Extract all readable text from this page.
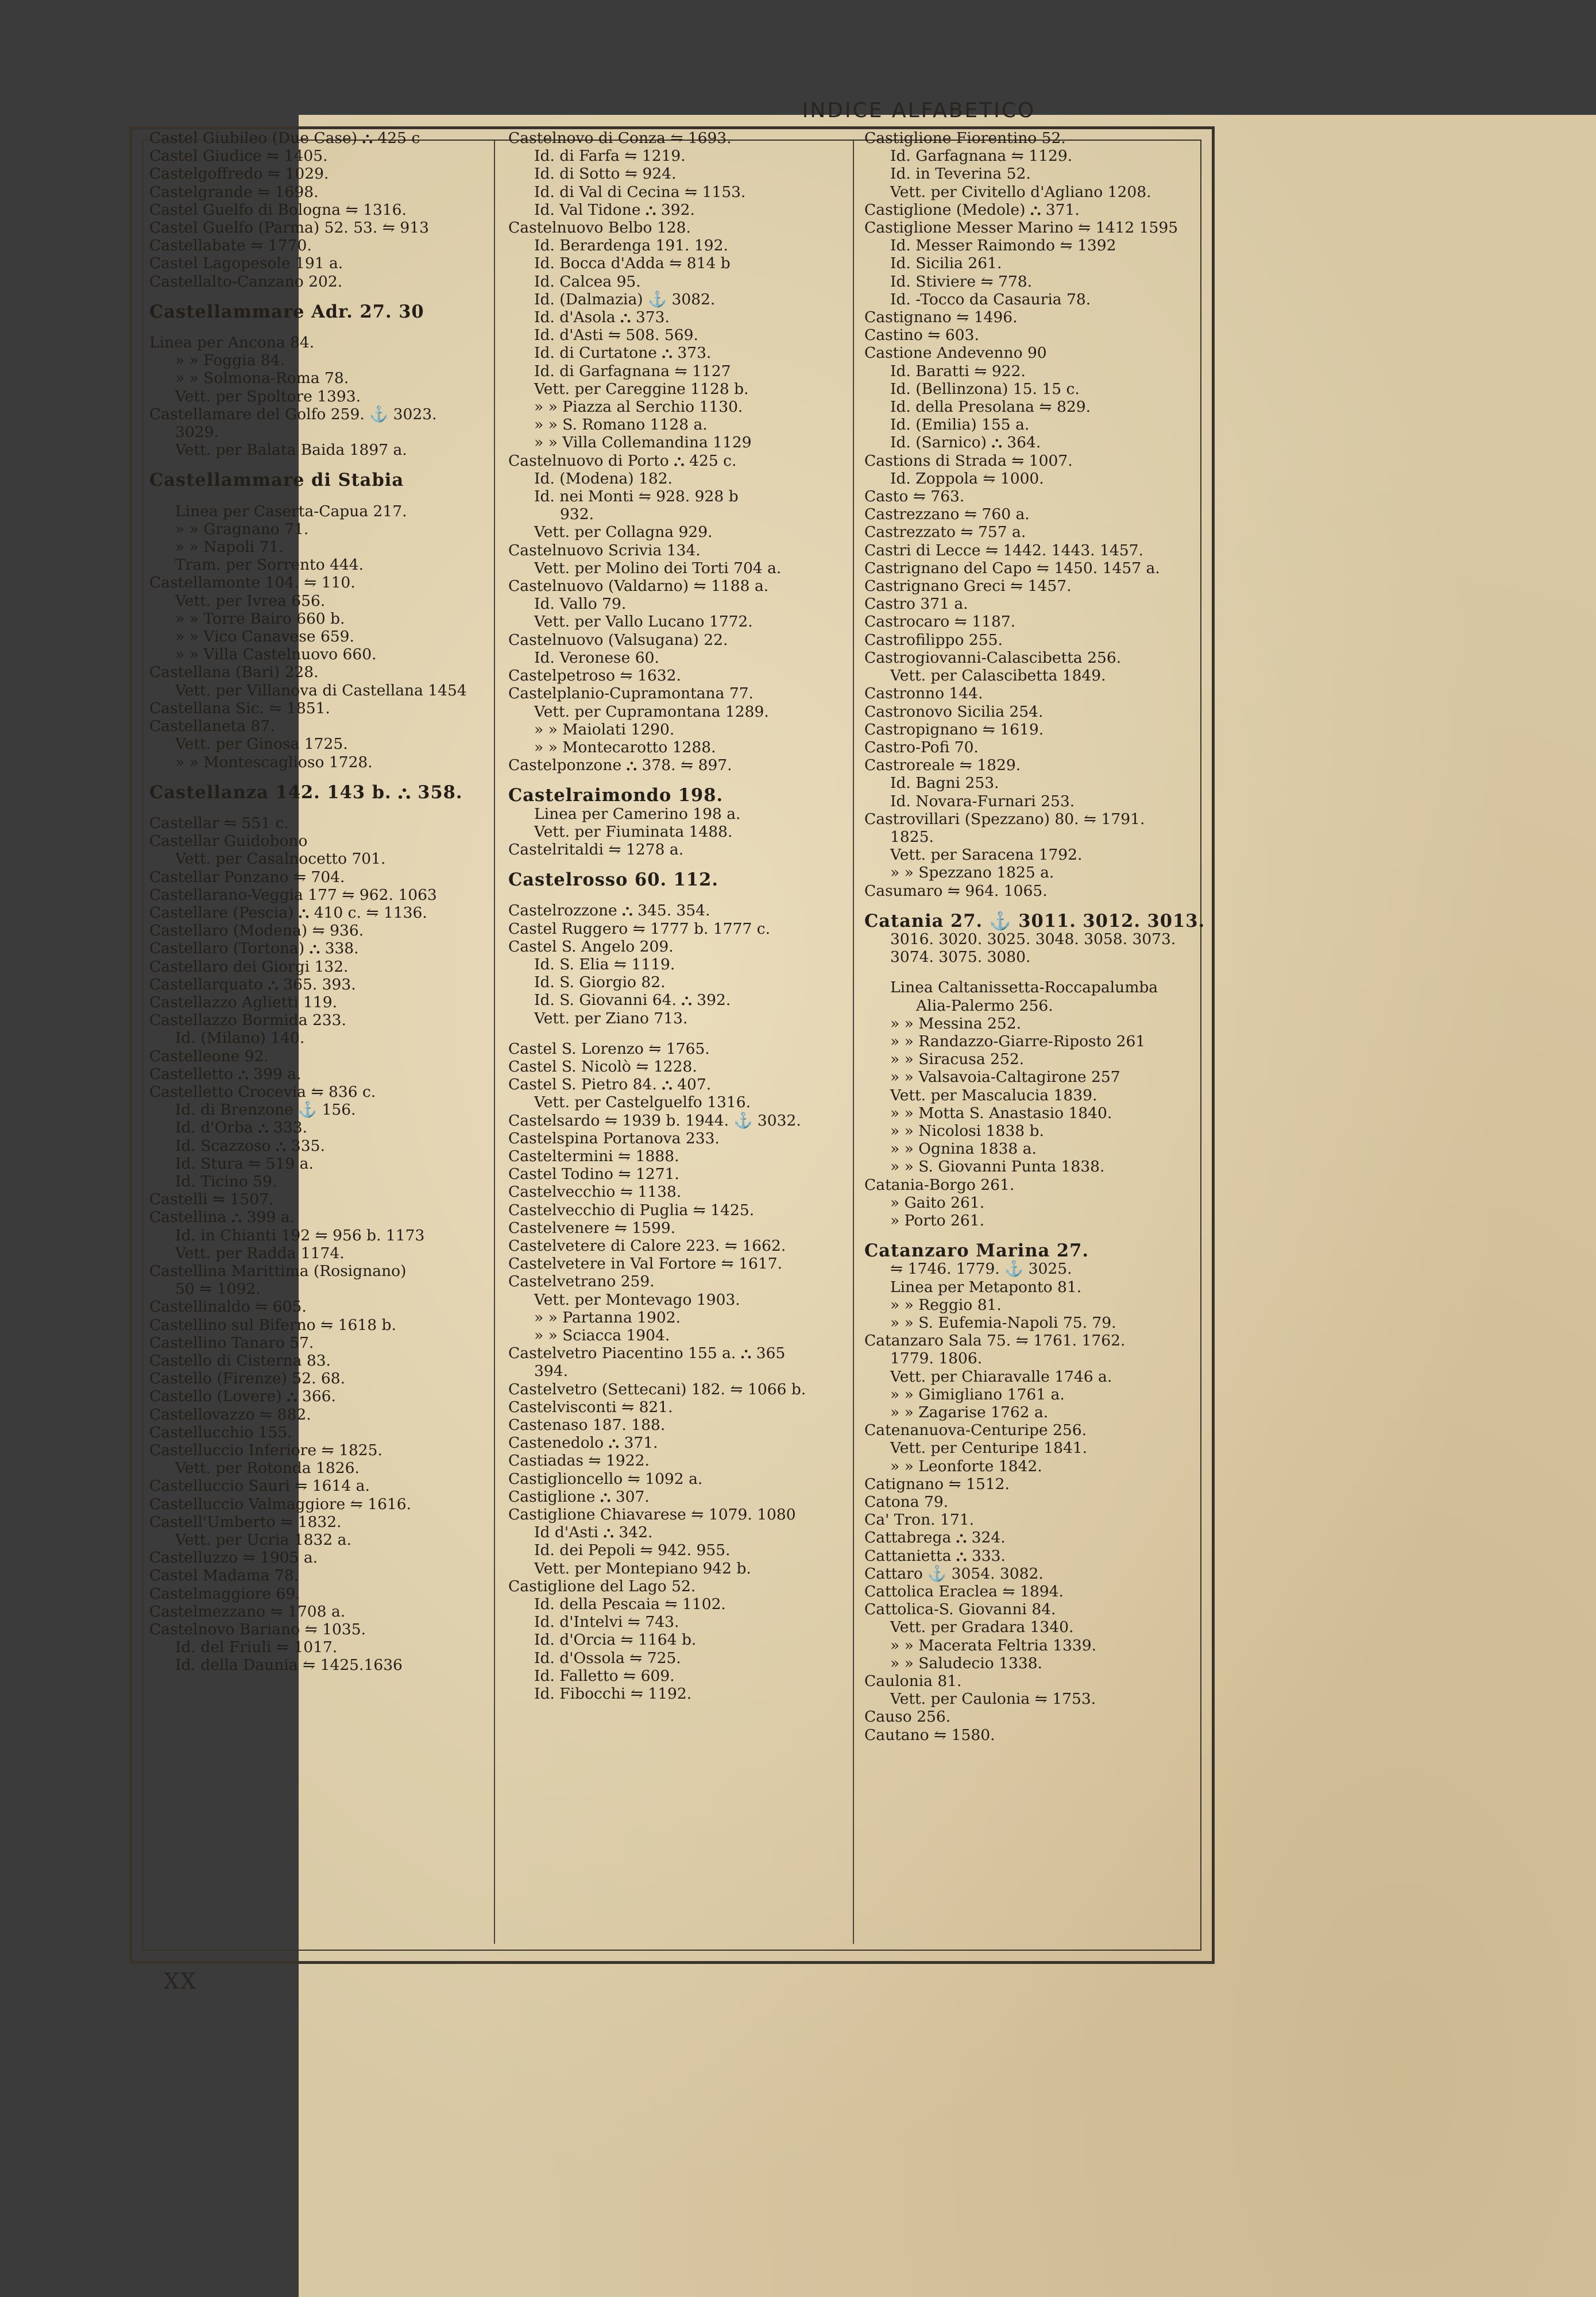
INDICE ALFABETICO
Castel Giubileo (Due Case) ⛬ 425 c
Castel Giudice ⇋ 1405.
Castelgoffredo ⇋ 1029.
Castelgrande ⇋ 1698.
Castel Guelfo di Bologna ⇋ 1316.
Castel Guelfo (Parma) 52. 53. ⇋ 913
Castellabate ⇋ 1770.
Castel Lagopesole 191 a.
Castellalto-Canzano 202.
Castellammare Adr. 27. 30
Linea per Ancona 84.
» » Foggia 84.
» » Solmona-Roma 78.
Vett. per Spoltore 1393.
Castellamare del Golfo 259. ⚓ 3023.
3029.
Vett. per Balata Baida 1897 a.
Castellammare di Stabia
Linea per Caserta-Capua 217.
» » Gragnano 71.
» » Napoli 71.
Tram. per Sorrento 444.
Castellamonte 104. ⇋ 110.
Vett. per Ivrea 656.
» » Torre Bairo 660 b.
» » Vico Canavese 659.
» » Villa Castelnuovo 660.
Castellana (Bari) 228.
Vett. per Villanova di Castellana 1454
Castellana Sic. ⇋ 1851.
Castellaneta 87.
Vett. per Ginosa 1725.
» » Montescaglioso 1728.
Castellanza 142. 143 b. ⛬ 358.
Castellar ⇋ 551 c.
Castellar Guidobono
Vett. per Casalnocetto 701.
Castellar Ponzano ⇋ 704.
Castellarano-Veggia 177 ⇋ 962. 1063
Castellare (Pescia) ⛬ 410 c. ⇋ 1136.
Castellaro (Modena) ⇋ 936.
Castellaro (Tortona) ⛬ 338.
Castellaro dei Giorgi 132.
Castellarquato ⛬ 365. 393.
Castellazzo Aglietti 119.
Castellazzo Bormida 233.
Id. (Milano) 140.
Castelleone 92.
Castelletto ⛬ 399 a.
Castelletto Crocevia ⇋ 836 c.
Id. di Brenzone ⚓ 156.
Id. d'Orba ⛬ 333.
Id. Scazzoso ⛬ 335.
Id. Stura ⇋ 519 a.
Id. Ticino 59.
Castelli ⇋ 1507.
Castellina ⛬ 399 a.
Id. in Chianti 192 ⇋ 956 b. 1173
Vett. per Radda 1174.
Castellina Marittima (Rosignano)
50 ⇋ 1092.
Castellinaldo ⇋ 605.
Castellino sul Biferno ⇋ 1618 b.
Castellino Tanaro 57.
Castello di Cisterna 83.
Castello (Firenze) 52. 68.
Castello (Lovere) ⛬ 366.
Castellovazzo ⇋ 882.
Castellucchio 155.
Castelluccio Inferiore ⇋ 1825.
Vett. per Rotonda 1826.
Castelluccio Sauri ⇋ 1614 a.
Castelluccio Valmaggiore ⇋ 1616.
Castell'Umberto ⇋ 1832.
Vett. per Ucria 1832 a.
Castelluzzo ⇋ 1905 a.
Castel Madama 78.
Castelmaggiore 69.
Castelmezzano ⇋ 1708 a.
Castelnovo Bariano ⇋ 1035.
Id. del Friuli ⇋ 1017.
Id. della Daunia ⇋ 1425.1636
Castelnovo di Conza ⇋ 1693.
Id. di Farfa ⇋ 1219.
Id. di Sotto ⇋ 924.
Id. di Val di Cecina ⇋ 1153.
Id. Val Tidone ⛬ 392.
Castelnuovo Belbo 128.
Id. Berardenga 191. 192.
Id. Bocca d'Adda ⇋ 814 b
Id. Calcea 95.
Id. (Dalmazia) ⚓ 3082.
Id. d'Asola ⛬ 373.
Id. d'Asti ⇋ 508. 569.
Id. di Curtatone ⛬ 373.
Id. di Garfagnana ⇋ 1127
Vett. per Careggine 1128 b.
» » Piazza al Serchio 1130.
» » S. Romano 1128 a.
» » Villa Collemandina 1129
Castelnuovo di Porto ⛬ 425 c.
Id. (Modena) 182.
Id. nei Monti ⇋ 928. 928 b
932.
Vett. per Collagna 929.
Castelnuovo Scrivia 134.
Vett. per Molino dei Torti 704 a.
Castelnuovo (Valdarno) ⇋ 1188 a.
Id. Vallo 79.
Vett. per Vallo Lucano 1772.
Castelnuovo (Valsugana) 22.
Id. Veronese 60.
Castelpetroso ⇋ 1632.
Castelplanio-Cupramontana 77.
Vett. per Cupramontana 1289.
» » Maiolati 1290.
» » Montecarotto 1288.
Castelponzone ⛬ 378. ⇋ 897.
Castelraimondo 198.
Linea per Camerino 198 a.
Vett. per Fiuminata 1488.
Castelritaldi ⇋ 1278 a.
Castelrosso 60. 112.
Castelrozzone ⛬ 345. 354.
Castel Ruggero ⇋ 1777 b. 1777 c.
Castel S. Angelo 209.
Id. S. Elia ⇋ 1119.
Id. S. Giorgio 82.
Id. S. Giovanni 64. ⛬ 392.
Vett. per Ziano 713.
Castel S. Lorenzo ⇋ 1765.
Castel S. Nicolò ⇋ 1228.
Castel S. Pietro 84. ⛬ 407.
Vett. per Castelguelfo 1316.
Castelsardo ⇋ 1939 b. 1944. ⚓ 3032.
Castelspina Portanova 233.
Casteltermini ⇋ 1888.
Castel Todino ⇋ 1271.
Castelvecchio ⇋ 1138.
Castelvecchio di Puglia ⇋ 1425.
Castelvenere ⇋ 1599.
Castelvetere di Calore 223. ⇋ 1662.
Castelvetere in Val Fortore ⇋ 1617.
Castelvetrano 259.
Vett. per Montevago 1903.
» » Partanna 1902.
» » Sciacca 1904.
Castelvetro Piacentino 155 a. ⛬ 365
394.
Castelvetro (Settecani) 182. ⇋ 1066 b.
Castelvisconti ⇋ 821.
Castenaso 187. 188.
Castenedolo ⛬ 371.
Castiadas ⇋ 1922.
Castiglioncello ⇋ 1092 a.
Castiglione ⛬ 307.
Castiglione Chiavarese ⇋ 1079. 1080
Id d'Asti ⛬ 342.
Id. dei Pepoli ⇋ 942. 955.
Vett. per Montepiano 942 b.
Castiglione del Lago 52.
Id. della Pescaia ⇋ 1102.
Id. d'Intelvi ⇋ 743.
Id. d'Orcia ⇋ 1164 b.
Id. d'Ossola ⇋ 725.
Id. Falletto ⇋ 609.
Id. Fibocchi ⇋ 1192.
Castiglione Fiorentino 52.
Id. Garfagnana ⇋ 1129.
Id. in Teverina 52.
Vett. per Civitello d'Agliano 1208.
Castiglione (Medole) ⛬ 371.
Castiglione Messer Marino ⇋ 1412 1595
Id. Messer Raimondo ⇋ 1392
Id. Sicilia 261.
Id. Stiviere ⇋ 778.
Id. -Tocco da Casauria 78.
Castignano ⇋ 1496.
Castino ⇋ 603.
Castione Andevenno 90
Id. Baratti ⇋ 922.
Id. (Bellinzona) 15. 15 c.
Id. della Presolana ⇋ 829.
Id. (Emilia) 155 a.
Id. (Sarnico) ⛬ 364.
Castions di Strada ⇋ 1007.
Id. Zoppola ⇋ 1000.
Casto ⇋ 763.
Castrezzano ⇋ 760 a.
Castrezzato ⇋ 757 a.
Castri di Lecce ⇋ 1442. 1443. 1457.
Castrignano del Capo ⇋ 1450. 1457 a.
Castrignano Greci ⇋ 1457.
Castro 371 a.
Castrocaro ⇋ 1187.
Castrofilippo 255.
Castrogiovanni-Calascibetta 256.
Vett. per Calascibetta 1849.
Castronno 144.
Castronovo Sicilia 254.
Castropignano ⇋ 1619.
Castro-Pofi 70.
Castroreale ⇋ 1829.
Id. Bagni 253.
Id. Novara-Furnari 253.
Castrovillari (Spezzano) 80. ⇋ 1791.
1825.
Vett. per Saracena 1792.
» » Spezzano 1825 a.
Casumaro ⇋ 964. 1065.
Catania 27. ⚓ 3011. 3012. 3013.
3016. 3020. 3025. 3048. 3058. 3073.
3074. 3075. 3080.
Linea Caltanissetta-Roccapalumba
Alia-Palermo 256.
» » Messina 252.
» » Randazzo-Giarre-Riposto 261
» » Siracusa 252.
» » Valsavoia-Caltagirone 257
Vett. per Mascalucia 1839.
» » Motta S. Anastasio 1840.
» » Nicolosi 1838 b.
» » Ognina 1838 a.
» » S. Giovanni Punta 1838.
Catania-Borgo 261.
» Gaito 261.
» Porto 261.
Catanzaro Marina 27.
⇋ 1746. 1779. ⚓ 3025.
Linea per Metaponto 81.
» » Reggio 81.
» » S. Eufemia-Napoli 75. 79.
Catanzaro Sala 75. ⇋ 1761. 1762.
1779. 1806.
Vett. per Chiaravalle 1746 a.
» » Gimigliano 1761 a.
» » Zagarise 1762 a.
Catenanuova-Centuripe 256.
Vett. per Centuripe 1841.
» » Leonforte 1842.
Catignano ⇋ 1512.
Catona 79.
Ca' Tron. 171.
Cattabrega ⛬ 324.
Cattanietta ⛬ 333.
Cattaro ⚓ 3054. 3082.
Cattolica Eraclea ⇋ 1894.
Cattolica-S. Giovanni 84.
Vett. per Gradara 1340.
» » Macerata Feltria 1339.
» » Saludecio 1338.
Caulonia 81.
Vett. per Caulonia ⇋ 1753.
Causo 256.
Cautano ⇋ 1580.
XX
